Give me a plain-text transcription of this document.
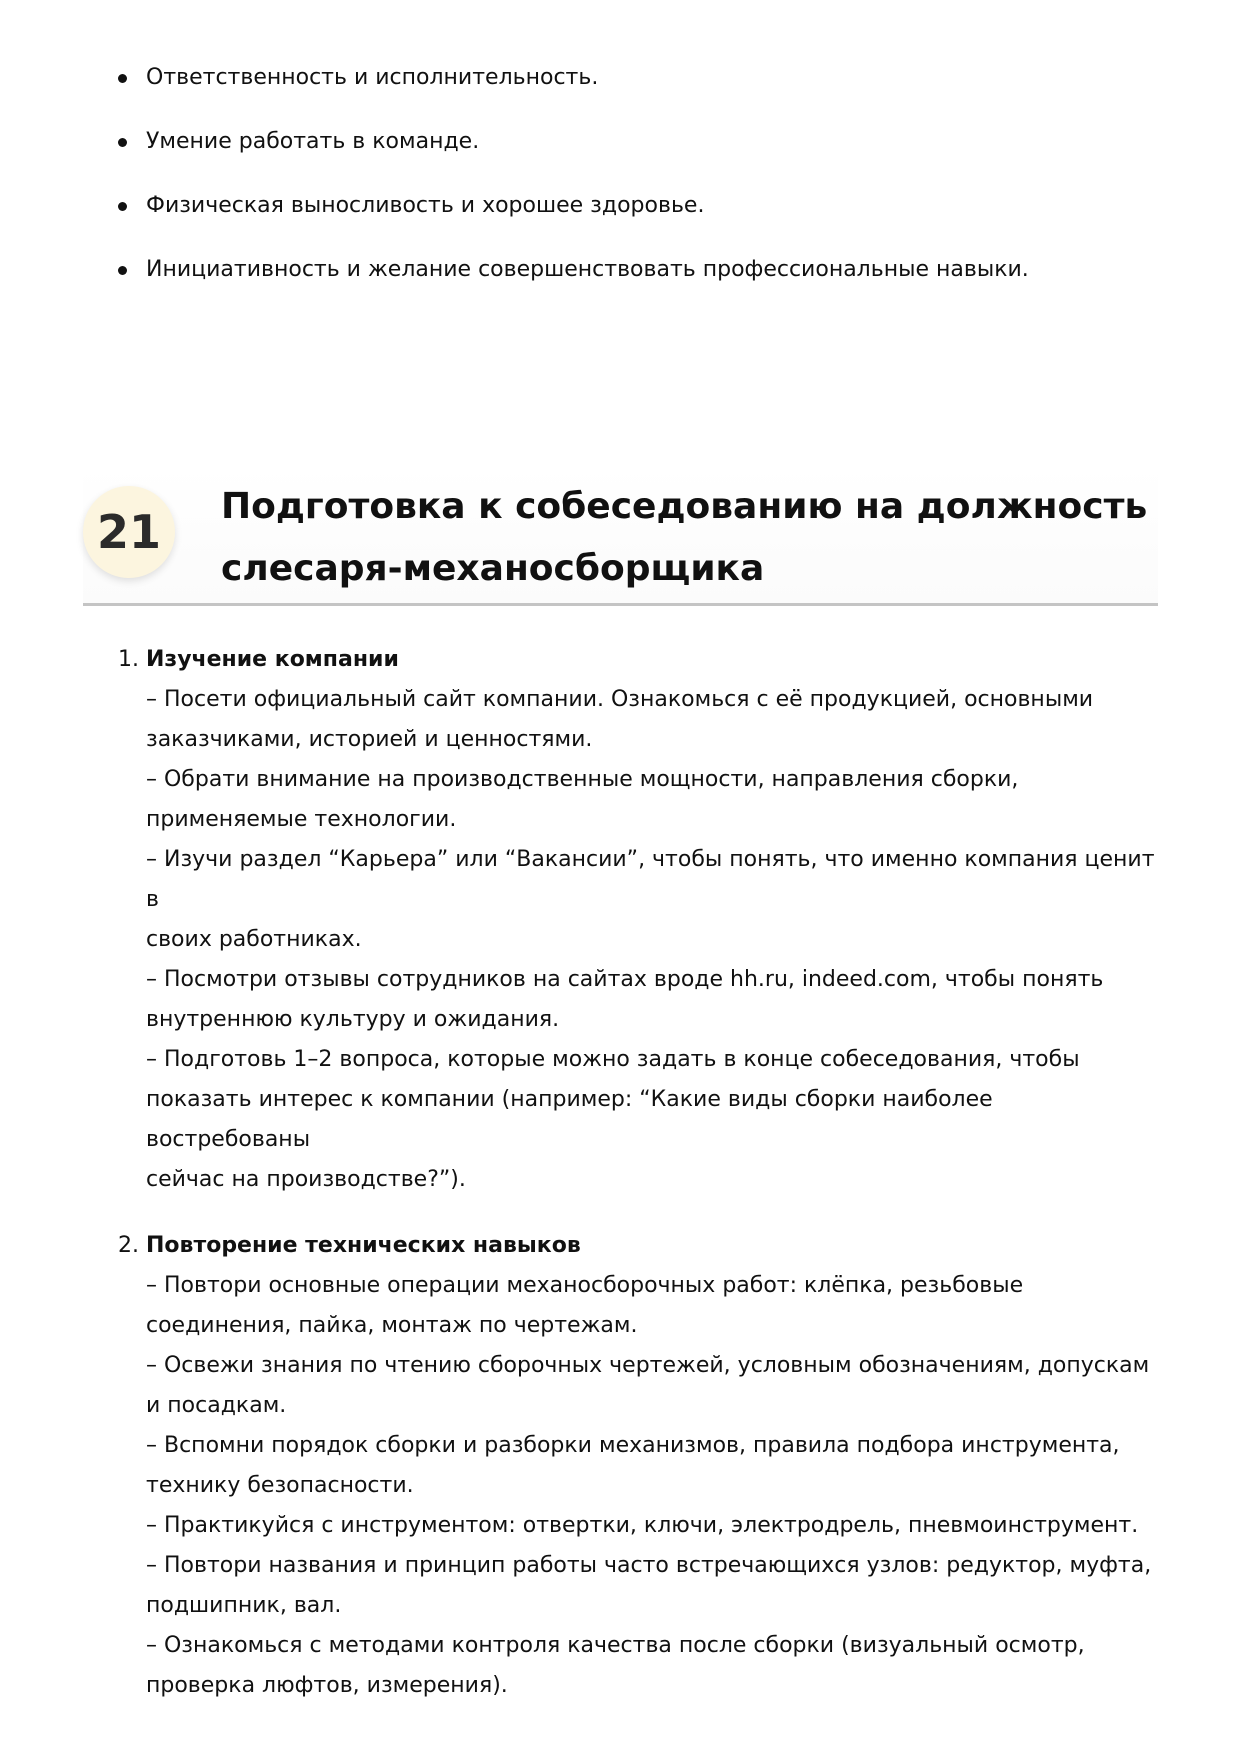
Ответственность и исполнительность.
Умение работать в команде.
Физическая выносливость и хорошее здоровье.
Инициативность и желание совершенствовать профессиональные навыки.
21	Подготовка к собеседованию на должность
слесаря-механосборщика
1. Изучение компании
– Посети официальный сайт компании. Ознакомься с её продукцией, основными
заказчиками, историей и ценностями.
– Обрати внимание на производственные мощности, направления сборки,
применяемые технологии.
– Изучи раздел “Карьера” или “Вакансии”, чтобы понять, что именно компания ценит в
своих работниках.
– Посмотри отзывы сотрудников на сайтах вроде hh.ru, indeed.com, чтобы понять
внутреннюю культуру и ожидания.
– Подготовь 1–2 вопроса, которые можно задать в конце собеседования, чтобы
показать интерес к компании (например: “Какие виды сборки наиболее востребованы
сейчас на производстве?”).
2. Повторение технических навыков
– Повтори основные операции механосборочных работ: клёпка, резьбовые
соединения, пайка, монтаж по чертежам.
– Освежи знания по чтению сборочных чертежей, условным обозначениям, допускам
и посадкам.
– Вспомни порядок сборки и разборки механизмов, правила подбора инструмента,
технику безопасности.
– Практикуйся с инструментом: отвертки, ключи, электродрель, пневмоинструмент.
– Повтори названия и принцип работы часто встречающихся узлов: редуктор, муфта,
подшипник, вал.
– Ознакомься с методами контроля качества после сборки (визуальный осмотр,
проверка люфтов, измерения).
